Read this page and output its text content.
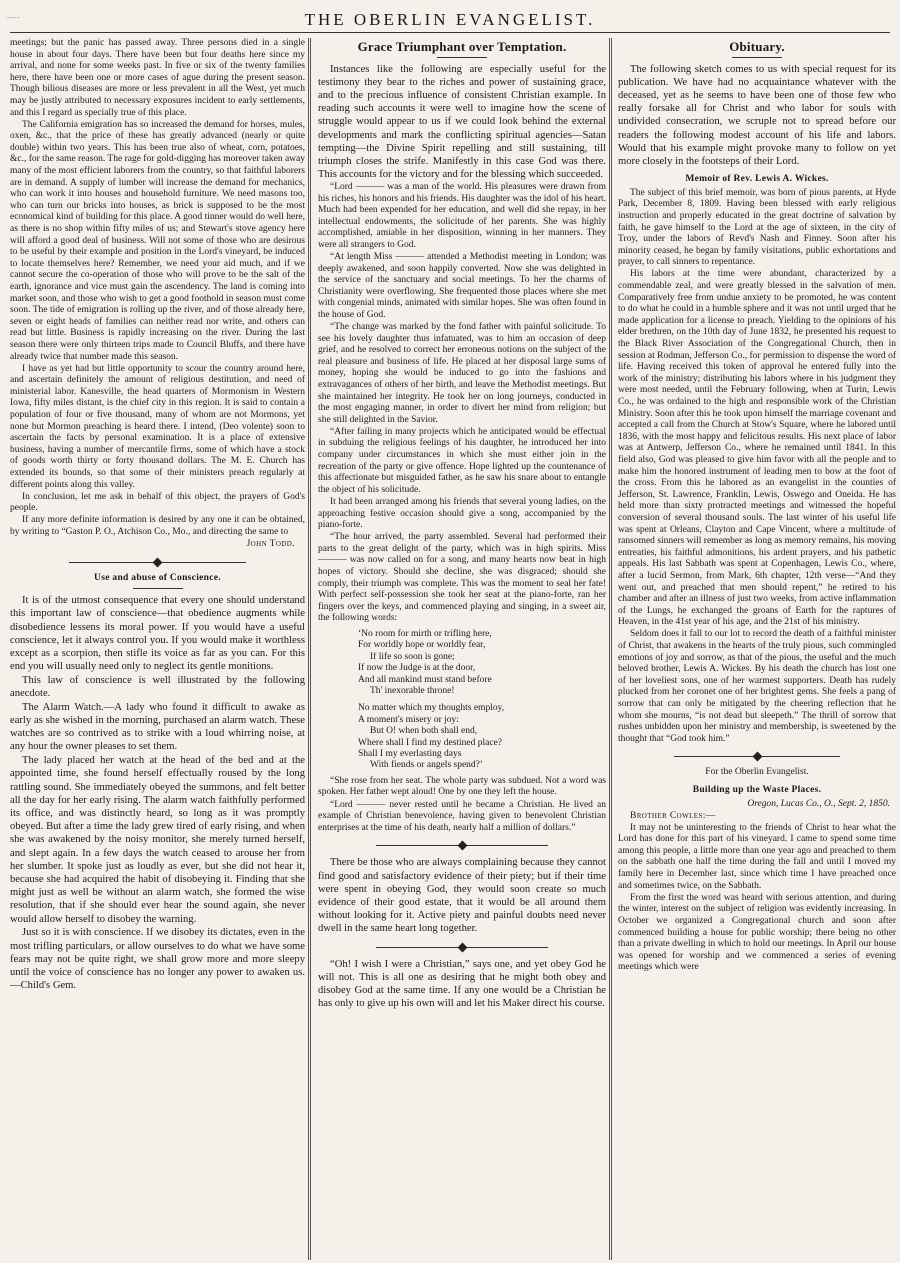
........	THE OBERLIN EVANGELIST.

meetings; but the panic has passed away. Three persons died in a single house in about four days. There have been but four deaths here since my arrival, and none for some weeks past. In five or six of the twenty families here, there have been one or more cases of ague during the present season. Though bilious diseases are more or less prevalent in all the West, yet much may be justly attributed to necessary exposures incident to early settlements, and this I regard as specially true of this place.

The California emigration has so increased the demand for horses, mules, oxen, &c., that the price of these has greatly advanced (nearly or quite double) within two years. This has been true also of wheat, corn, potatoes, &c., for the same reason. The rage for gold-digging has moreover taken away many of the most efficient laborers from the country, so that faithful laborers are in demand. A supply of lumber will increase the demand for mechanics, who can work it into houses and household furniture. We need masons too, who can turn our bricks into houses, as brick is supposed to be the most economical kind of building for this place. A good tinner would do well here, as there is no shop within fifty miles of us; and Stewart's stove agency here will afford a good deal of business. Will not some of those who are desirous to be useful by their example and position in the Lord's vineyard, be induced to locate themselves here? Remember, we need your aid much, and if we cannot secure the co-operation of those who will prove to be the salt of the earth, ignorance and vice must gain the ascendency. The land is coming into market soon, and those who wish to get a good foothold in season must come soon. The tide of emigration is rolling up the river, and of those already here, seven or eight heads of families can neither read nor write, and others can read but little. Business is rapidly increasing on the river. During the last season there were only thirteen trips made to Council Bluffs, and there have already twice that number made this season.

I have as yet had but little opportunity to scour the country around here, and ascertain definitely the amount of religious destitution, and need of ministerial labor. Kanesville, the head quarters of Mormonism in Western Iowa, fifty miles distant, is the chief city in this region. It is said to contain a population of four or five thousand, many of whom are not Mormons, yet none but Mormon preaching is heard there. I intend, (Deo volente) soon to ascertain the facts by personal examination. It is a place of extensive business, having a number of mercantile firms, some of which have a stock of goods worth thirty or forty thousand dollars. The M. E. Church has extended its bounds, so that some of their ministers preach regularly at different points along this valley.

In conclusion, let me ask in behalf of this object, the prayers of God's people.

If any more definite information is desired by any one it can be obtained, by writing to “Gaston P. O., Atchison Co., Mo., and directing the same to

John Todd.

Use and abuse of Conscience.

It is of the utmost consequence that every one should understand this important law of conscience—that obedience augments while disobedience lessens its moral power. If you would have a useful conscience, let it always control you. If you would make it worthless except as a scorpion, then stifle its voice as far as you can. For this end you will usually need only to neglect its gentle monitions.

This law of conscience is well illustrated by the following anecdote.

The Alarm Watch.—A lady who found it difficult to awake as early as she wished in the morning, purchased an alarm watch. These watches are so contrived as to strike with a loud whirring noise, at any hour the owner pleases to set them.

The lady placed her watch at the head of the bed and at the appointed time, she found herself effectually roused by the long rattling sound. She immediately obeyed the summons, and felt better all the day for her early rising. The alarm watch faithfully performed its office, and was distinctly heard, so long as it was promptly obeyed. But after a time the lady grew tired of early rising, and when she was awakened by the noisy monitor, she merely turned herself, and slept again. In a few days the watch ceased to arouse her from her slumber. It spoke just as loudly as ever, but she did not hear it, because she had acquired the habit of disobeying it. Finding that she might just as well be without an alarm watch, she formed the wise resolution, that if she should ever hear the sound again, she never would allow herself to disobey the warning.

Just so it is with conscience. If we disobey its dictates, even in the most trifling particulars, or allow ourselves to do what we have some fears may not be quite right, we shall grow more and more sleepy until the voice of conscience has no longer any power to awaken us.—Child's Gem.

Grace Triumphant over Temptation.

Instances like the following are especially useful for the testimony they bear to the riches and power of sustaining grace, and to the precious influence of consistent Christian example. In reading such accounts it were well to imagine how the scene of struggle would appear to us if we could look behind the external developments and mark the conflicting spiritual agencies—Satan tempting—the Divine Spirit repelling and still sustaining, till triumph closes the strife. Manifestly in this case God was there. This accounts for the victory and for the blessing which succeeded.

“Lord ——— was a man of the world. His pleasures were drawn from his riches, his honors and his friends. His daughter was the idol of his heart. Much had been expended for her education, and well did she repay, in her intellectual endowments, the solicitude of her parents. She was highly accomplished, amiable in her disposition, winning in her manners. They were all strangers to God.

“At length Miss ——— attended a Methodist meeting in London; was deeply awakened, and soon happily converted. Now she was delighted in the service of the sanctuary and social meetings. To her the charms of Christianity were overflowing. She frequented those places where she met with congenial minds, animated with similar hopes. She was often found in the house of God.

“The change was marked by the fond father with painful solicitude. To see his lovely daughter thus infatuated, was to him an occasion of deep grief, and he resolved to correct her erroneous notions on the subject of the real pleasure and business of life. He placed at her disposal large sums of money, hoping she would be induced to go into the fashions and extravagances of others of her birth, and leave the Methodist meetings. But she maintained her integrity. He took her on long journeys, conducted in the most engaging manner, in order to divert her mind from religion; but she still delighted in the Savior.

“After failing in many projects which he anticipated would be effectual in subduing the religious feelings of his daughter, he introduced her into company under circumstances in which she must either join in the recreation of the party or give offence. Hope lighted up the countenance of this affectionate but misguided father, as he saw his snare about to entangle the object of his solicitude.

It had been arranged among his friends that several young ladies, on the approaching festive occasion should give a song, accompanied by the piano-forte.

“The hour arrived, the party assembled. Several had performed their parts to the great delight of the party, which was in high spirits. Miss ——— was now called on for a song, and many hearts now beat in high hopes of victory. Should she decline, she was disgraced; should she comply, their triumph was complete. This was the moment to seal her fate! With perfect self-possession she took her seat at the piano-forte, ran her fingers over the keys, and commenced playing and singing, in a sweet air, the following words:

‘No room for mirth or trifling here,
For worldly hope or worldly fear,
If life so soon is gone;
If now the Judge is at the door,
And all mankind must stand before
Th' inexorable throne!
No matter which my thoughts employ,
A moment's misery or joy:
But O! when both shall end,
Where shall I find my destined place?
Shall I my everlasting days
With fiends or angels spend?’

“She rose from her seat. The whole party was subdued. Not a word was spoken. Her father wept aloud! One by one they left the house.

“Lord ——— never rested until he became a Christian. He lived an example of Christian benevolence, having given to benevolent Christian enterprises at the time of his death, nearly half a million of dollars.”

There be those who are always complaining because they cannot find good and satisfactory evidence of their piety; but if their time were spent in obeying God, they would soon create so much evidence of their good estate, that it would be all around them without looking for it. Active piety and painful doubts need never dwell in the same heart long together.

“Oh! I wish I were a Christian,” says one, and yet obey God he will not. This is all one as desiring that he might both obey and disobey God at the same time. If any one would be a Christian he has only to give up his own will and let his Maker direct his course.

Obituary.

The following sketch comes to us with special request for its publication. We have had no acquaintance whatever with the deceased, yet as he seems to have been one of those few who really forsake all for Christ and who labor for souls with undivided consecration, we scruple not to spread before our readers the following modest account of his life and labors. Would that his example might provoke many to follow on yet more closely in the footsteps of their Lord.

Memoir of Rev. Lewis A. Wickes.

The subject of this brief memoir, was born of pious parents, at Hyde Park, December 8, 1809. Having been blessed with early religious instruction and properly educated in the great doctrine of salvation by faith, he gave himself to the Lord at the age of sixteen, in the city of Troy, under the labors of Revd's Nash and Finney. Soon after his minority ceased, he began by family visitations, public exhortations and prayer, to call sinners to repentance.

His labors at the time were abundant, characterized by a commendable zeal, and were greatly blessed in the salvation of men. Comparatively free from undue anxiety to be promoted, he was content to do what he could in a humble sphere and it was not until urged that he made application for a license to preach. Yielding to the opinions of his elder brethren, on the 10th day of June 1832, he presented his request to the Black River Association of the Congregational Church, then in session at Rodman, Jefferson Co., for permission to dispense the word of life. Having received this token of approval he entered fully into the work of the ministry; distributing his labors where in his judgment they were most needed, until the February following, when at Turin, Lewis Co., he was ordained to the high and responsible work of the Christian Ministry. Soon after this he took upon himself the marriage covenant and accepted a call from the Church at Stow's Square, where he labored until 1836, with the most happy and felicitous results. His next place of labor was at Antwerp, Jefferson Co., where he remained until 1841. In this field also, God was pleased to give him favor with all the people and to make him the honored instrument of leading men to bow at the foot of the cross. From this he labored as an evangelist in the counties of Jefferson, St. Lawrence, Franklin, Lewis, Oswego and Oneida. He has held more than sixty protracted meetings and witnessed the hopeful conversion of several thousand souls. The last winter of his useful life was spent at Orleans, Clayton and Cape Vincent, where a multitude of ransomed sinners will remember as long as memory remains, his moving entreaties, his faithful admonitions, his ardent prayers, and his pathetic appeals. His last Sabbath was spent at Copenhagen, Lewis Co., where, after a lucid Sermon, from Mark, 6th chapter, 12th verse—“And they went out, and preached that men should repent,” he retired to his chamber and after an illness of just two weeks, from active inflammation of the Lungs, he exchanged the groans of Earth for the raptures of Heaven, in the 41st year of his age, and the 21st of his ministry.

Seldom does it fall to our lot to record the death of a faithful minister of Christ, that awakens in the hearts of the truly pious, such commingled emotions of joy and sorrow, as that of the pious, the useful and the much beloved brother, Lewis A. Wickes. By his death the church has lost one of her loveliest sons, one of her warmest supporters. Death has rudely plucked from her coronet one of her brightest gems. She feels a pang of sorrow that can only be mitigated by the cheering reflection that he whom she mourns, “is not dead but sleepeth.” The thrill of sorrow that rushes unbidden upon her ministry and membership, is sweetened by the thought that “God took him.”

For the Oberlin Evangelist.

Building up the Waste Places.

Oregon, Lucas Co., O., Sept. 2, 1850.

Brother Cowles:—

It may not be uninteresting to the friends of Christ to hear what the Lord has done for this part of his vineyard. I came to spend some time among this people, a little more than one year ago and preached to them on the sabbath one half the time during the fall and until I moved my family here in December last, since which time I have preached once and sometimes twice, on the Sabbath.

From the first the word was heard with serious attention, and during the winter, interest on the subject of religion was evidently increasing. In October we organized a Congregational church and soon after commenced building a house for public worship; there being no other than a private dwelling in which to hold our meetings. In April our house was opened for worship and we commenced a series of evening meetings which were
